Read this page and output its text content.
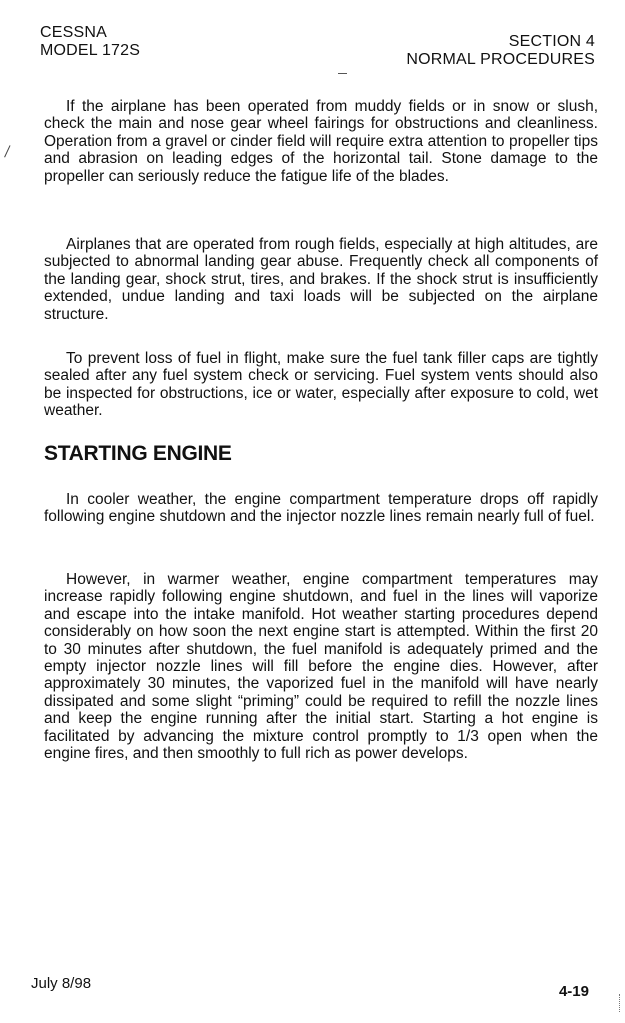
CESSNA
MODEL 172S
SECTION 4
NORMAL PROCEDURES

If the airplane has been operated from muddy fields or in snow or slush, check the main and nose gear wheel fairings for obstructions and cleanliness. Operation from a gravel or cinder field will require extra attention to propeller tips and abrasion on leading edges of the horizontal tail. Stone damage to the propeller can seriously reduce the fatigue life of the blades.

Airplanes that are operated from rough fields, especially at high altitudes, are subjected to abnormal landing gear abuse. Frequently check all components of the landing gear, shock strut, tires, and brakes. If the shock strut is insufficiently extended, undue landing and taxi loads will be subjected on the airplane structure.

To prevent loss of fuel in flight, make sure the fuel tank filler caps are tightly sealed after any fuel system check or servicing. Fuel system vents should also be inspected for obstructions, ice or water, especially after exposure to cold, wet weather.

STARTING ENGINE

In cooler weather, the engine compartment temperature drops off rapidly following engine shutdown and the injector nozzle lines remain nearly full of fuel.

However, in warmer weather, engine compartment temperatures may increase rapidly following engine shutdown, and fuel in the lines will vaporize and escape into the intake manifold. Hot weather starting procedures depend considerably on how soon the next engine start is attempted. Within the first 20 to 30 minutes after shutdown, the fuel manifold is adequately primed and the empty injector nozzle lines will fill before the engine dies. However, after approximately 30 minutes, the vaporized fuel in the manifold will have nearly dissipated and some slight “priming” could be required to refill the nozzle lines and keep the engine running after the initial start. Starting a hot engine is facilitated by advancing the mixture control promptly to 1/3 open when the engine fires, and then smoothly to full rich as power develops.

July 8/98	4-19
